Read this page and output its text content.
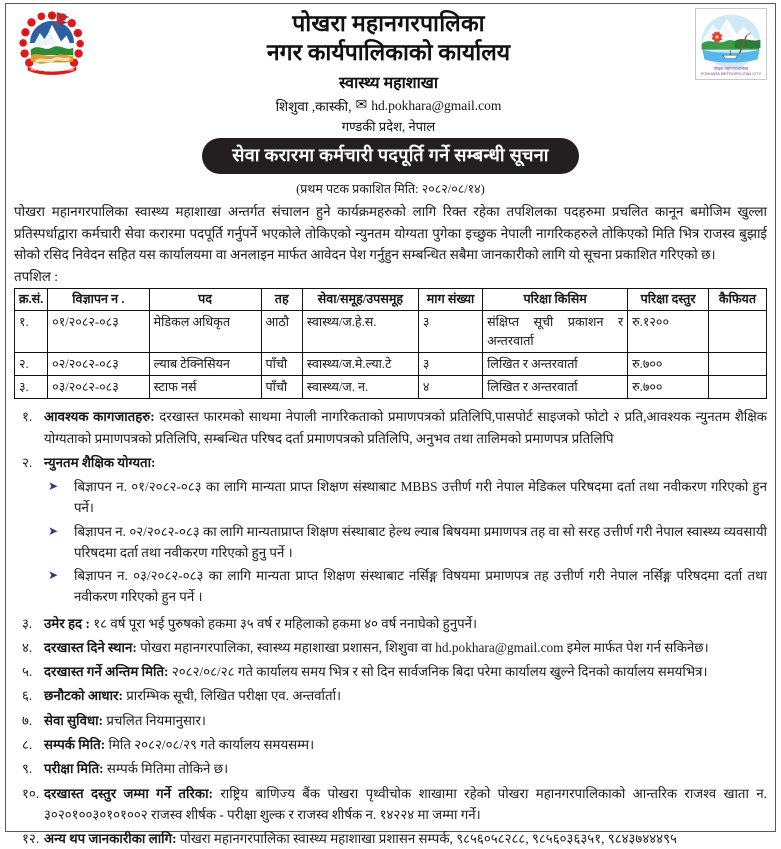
जननी जन्मभूमिश्च स्वर्गादपि गरीयसी
पोखरा महानगरपालिका
नगर कार्यपालिकाको कार्यालय
स्वास्थ्य महाशाखा
शिशुवा ,कास्की, ✉ hd.pokhara@gmail.com
गण्डकी प्रदेश, नेपाल
पोखरा महानगरपालिका
POKHARA METROPOLITAN CITY
सेवा करारमा कर्मचारी पदपूर्ति गर्ने सम्बन्धी सूचना
(प्रथम पटक प्रकाशित मिति: २०८२/०८/१४)

पोखरा महानगरपालिका स्वास्थ्य महाशाखा अन्तर्गत संचालन हुने कार्यक्रमहरुको लागि रिक्त रहेका तपशिलका पदहरुमा प्रचलित कानून बमोजिम खुल्ला प्रतिस्पर्धाद्वारा कर्मचारी सेवा करारमा पदपूर्ति गर्नुपर्ने भएकोले तोकिएको न्युनतम योग्यता पुगेका इच्छुक नेपाली नागरिकहरुले तोकिएको मिति भित्र राजस्व बुझाई सोको रसिद निवेदन सहित यस कार्यालयमा वा अनलाइन मार्फत आवेदन पेश गर्नुहुन सम्बन्धित सबैमा जानकारीको लागि यो सूचना प्रकाशित गरिएको छ।

तपशिल :
क्र.सं.	विज्ञापन न .	पद	तह	सेवा/समूह/उपसमूह	माग संख्या	परिक्षा किसिम	परिक्षा दस्तुर	कैफियत
१.	०१/२०८२-०८३	मेडिकल अधिकृत	आठौ	स्वास्थ्य/ज.हे.स.	३	संक्षिप्त सूची प्रकाशन र अन्तरवार्ता	रु.१२००	
२.	०२/२०८२-०८३	ल्याब टेक्निसियन	पाँचौ	स्वास्थ्य/ज.मे.ल्या.टे	३	लिखित र अन्तरवार्ता	रु.७००	
३.	०३/२०८२-०८३	स्टाफ नर्स	पाँचौ	स्वास्थ्य/ज. न.	४	लिखित र अन्तरवार्ता	रु.७००	
१. आवश्यक कागजातहरु: दरखास्त फारमको साथमा नेपाली नागरिकताको प्रमाणपत्रको प्रतिलिपि,पासपोर्ट साइजको फोटो २ प्रति,आवश्यक न्युनतम शैक्षिक योग्यताको प्रमाणपत्रको प्रतिलिपि, सम्बन्धित परिषद दर्ता प्रमाणपत्रको प्रतिलिपि, अनुभव तथा तालिमको प्रमाणपत्र प्रतिलिपि
२. न्युनतम शैक्षिक योग्यता:
➤	बिज्ञापन न. ०१/२०८२-०८३ का लागि मान्यता प्राप्त शिक्षण संस्थाबाट MBBS उत्तीर्ण गरी नेपाल मेडिकल परिषदमा दर्ता तथा नवीकरण गरिएको हुन पर्ने।
➤	बिज्ञापन न. ०२/२०८२-०८३ का लागि मान्यताप्राप्त शिक्षण संस्थाबाट हेल्थ ल्याब बिषयमा प्रमाणपत्र तह वा सो सरह उत्तीर्ण गरी नेपाल स्वास्थ्य व्यवसायी परिषदमा दर्ता तथा नवीकरण गरिएको हुनु पर्ने ।
➤	बिज्ञापन न. ०३/२०८२-०८३ का लागि मान्यता प्राप्त शिक्षण संस्थाबाट नर्सिङ्ग विषयमा प्रमाणपत्र तह उत्तीर्ण गरी नेपाल नर्सिङ्ग परिषदमा दर्ता तथा नवीकरण गरिएको हुन पर्ने ।
३. उमेर हद : १८ वर्ष पूरा भई पुरुषको हकमा ३५ वर्ष र महिलाको हकमा ४० वर्ष ननाघेको हुनुपर्ने।
४. दरखास्त दिने स्थान: पोखरा महानगरपालिका, स्वास्थ्य महाशाखा प्रशासन, शिशुवा वा hd.pokhara@gmail.com इमेल मार्फत पेश गर्न सकिनेछ।
५. दरखास्त गर्ने अन्तिम मिति: २०८२/०८/२८ गते कार्यालय समय भित्र र सो दिन सार्वजनिक बिदा परेमा कार्यालय खुल्ने दिनको कार्यालय समयभित्र।
६. छनौटको आधार: प्रारम्भिक सूची, लिखित परीक्षा एव. अन्तर्वार्ता।
७. सेवा सुविधा: प्रचलित नियमानुसार।
८. सम्पर्क मिति: मिति २०८२/०८/२९ गते कार्यालय समयसम्म।
९. परीक्षा मिति: सम्पर्क मितिमा तोकिने छ।
१०. दरखास्त दस्तुर जम्मा गर्ने तरिका: राष्ट्रिय बाणिज्य बैंक पोखरा पृथ्वीचोक शाखामा रहेको पोखरा महानगरपालिकाको आन्तरिक राजश्व खाता न. ३०२०१००३०१०१००२ राजस्व शीर्षक - परीक्षा शुल्क र राजस्व शीर्षक न. १४२२४ मा जम्मा गर्ने।
१२. अन्य थप जानकारीका लागि: पोखरा महानगरपालिका स्वास्थ्य महाशाखा प्रशासन सम्पर्क, ९८५६०५८२८८, ९८५६०३६३५१, ९८४३७४४४९५
